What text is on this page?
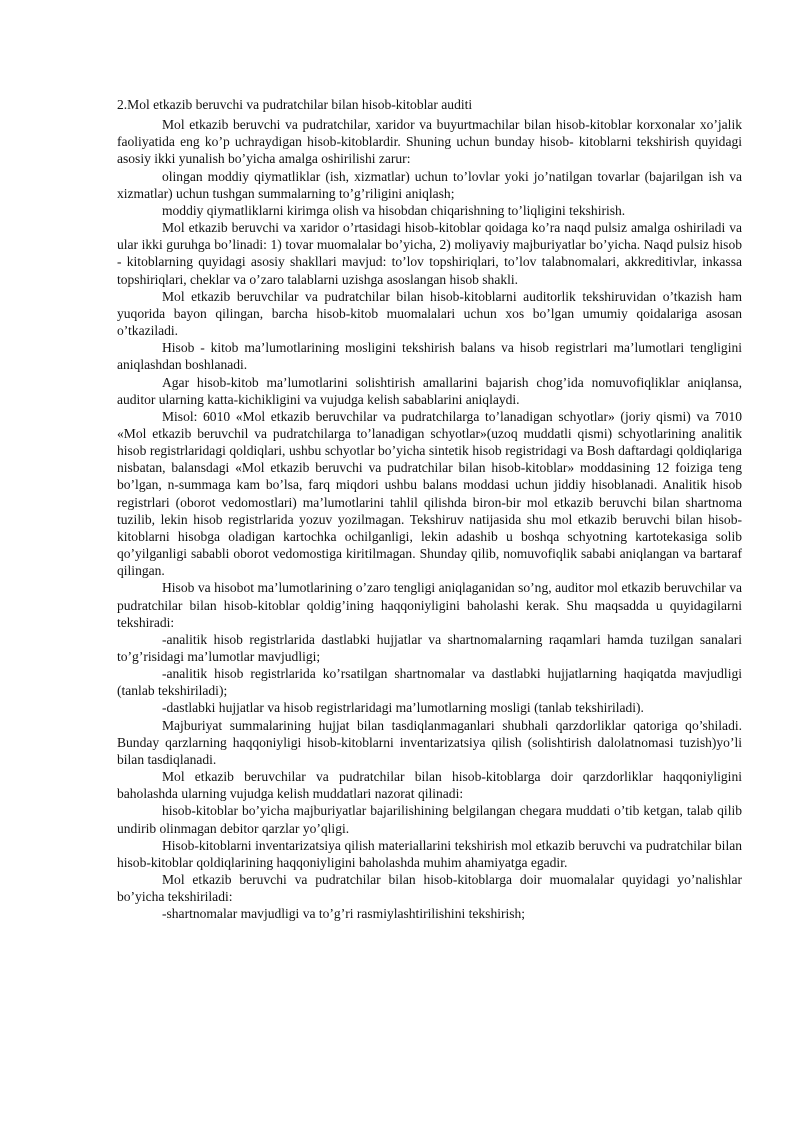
2.Mol etkazib beruvchi va pudratchilar bilan hisob-kitoblar auditi

Mol etkazib beruvchi va pudratchilar, xaridor va buyurtmachilar bilan hisob-kitoblar korxonalar xo’jalik faoliyatida eng ko’p uchraydigan hisob-kitoblardir. Shuning uchun bunday hisob- kitoblarni tekshirish quyidagi asosiy ikki yunalish bo’yicha amalga oshirilishi zarur:

olingan moddiy qiymatliklar (ish, xizmatlar) uchun to’lovlar yoki jo’natilgan tovarlar (bajarilgan ish va xizmatlar) uchun tushgan summalarning to’g’riligini aniqlash;

moddiy qiymatliklarni kirimga olish va hisobdan chiqarishning to’liqligini tekshirish.

Mol etkazib beruvchi va xaridor o’rtasidagi hisob-kitoblar qoidaga ko’ra naqd pulsiz amalga oshiriladi va ular ikki guruhga bo’linadi: 1) tovar muomalalar bo’yicha, 2) moliyaviy majburiyatlar bo’yicha. Naqd pulsiz hisob - kitoblarning quyidagi asosiy shakllari mavjud: to’lov topshiriqlari, to’lov talabnomalari, akkreditivlar, inkassa topshiriqlari, cheklar va o’zaro talablarni uzishga asoslangan hisob shakli.

Mol etkazib beruvchilar va pudratchilar bilan hisob-kitoblarni auditorlik tekshiruvidan o’tkazish ham yuqorida bayon qilingan, barcha hisob-kitob muomalalari uchun xos bo’lgan umumiy qoidalariga asosan o’tkaziladi.

Hisob - kitob ma’lumotlarining mosligini tekshirish balans va hisob registrlari ma’lumotlari tengligini aniqlashdan boshlanadi.

Agar hisob-kitob ma’lumotlarini solishtirish amallarini bajarish chog’ida nomuvofiqliklar aniqlansa, auditor ularning katta-kichikligini va vujudga kelish sabablarini aniqlaydi.

Misol: 6010 «Mol etkazib beruvchilar va pudratchilarga to’lanadigan schyotlar» (joriy qismi) va 7010 «Mol etkazib beruvchil va pudratchilarga to’lanadigan schyotlar»(uzoq muddatli qismi) schyotlarining analitik hisob registrlaridagi qoldiqlari, ushbu schyotlar bo’yicha sintetik hisob registridagi va Bosh daftardagi qoldiqlariga nisbatan, balansdagi «Mol etkazib beruvchi va pudratchilar bilan hisob-kitoblar» moddasining 12 foiziga teng bo’lgan, n-summaga kam bo’lsa, farq miqdori ushbu balans moddasi uchun jiddiy hisoblanadi. Analitik hisob registrlari (oborot vedomostlari) ma’lumotlarini tahlil qilishda biron-bir mol etkazib beruvchi bilan shartnoma tuzilib, lekin hisob registrlarida yozuv yozilmagan. Tekshiruv natijasida shu mol etkazib beruvchi bilan hisob-kitoblarni hisobga oladigan kartochka ochilganligi, lekin adashib u boshqa schyotning kartotekasiga solib qo’yilganligi sababli oborot vedomostiga kiritilmagan. Shunday qilib, nomuvofiqlik sababi aniqlangan va bartaraf qilingan.

Hisob va hisobot ma’lumotlarining o’zaro tengligi aniqlaganidan so’ng, auditor mol etkazib beruvchilar va pudratchilar bilan hisob-kitoblar qoldig’ining haqqoniyligini baholashi kerak. Shu maqsadda u quyidagilarni tekshiradi:

-analitik hisob registrlarida dastlabki hujjatlar va shartnomalarning raqamlari hamda tuzilgan sanalari to’g’risidagi ma’lumotlar mavjudligi;

-analitik hisob registrlarida ko’rsatilgan shartnomalar va dastlabki hujjatlarning haqiqatda mavjudligi (tanlab tekshiriladi);

-dastlabki hujjatlar va hisob registrlaridagi ma’lumotlarning mosligi (tanlab tekshiriladi).

Majburiyat summalarining hujjat bilan tasdiqlanmaganlari shubhali qarzdorliklar qatoriga qo’shiladi. Bunday qarzlarning haqqoniyligi hisob-kitoblarni inventarizatsiya qilish (solishtirish dalolatnomasi tuzish)yo’li bilan tasdiqlanadi.

Mol etkazib beruvchilar va pudratchilar bilan hisob-kitoblarga doir qarzdorliklar haqqoniyligini baholashda ularning vujudga kelish muddatlari nazorat qilinadi:

hisob-kitoblar bo’yicha majburiyatlar bajarilishining belgilangan chegara muddati o’tib ketgan, talab qilib undirib olinmagan debitor qarzlar yo’qligi.

Hisob-kitoblarni inventarizatsiya qilish materiallarini tekshirish mol etkazib beruvchi va pudratchilar bilan hisob-kitoblar qoldiqlarining haqqoniyligini baholashda muhim ahamiyatga egadir.

Mol etkazib beruvchi va pudratchilar bilan hisob-kitoblarga doir muomalalar quyidagi yo’nalishlar bo’yicha tekshiriladi:

-shartnomalar mavjudligi va to’g’ri rasmiylashtirilishini tekshirish;
